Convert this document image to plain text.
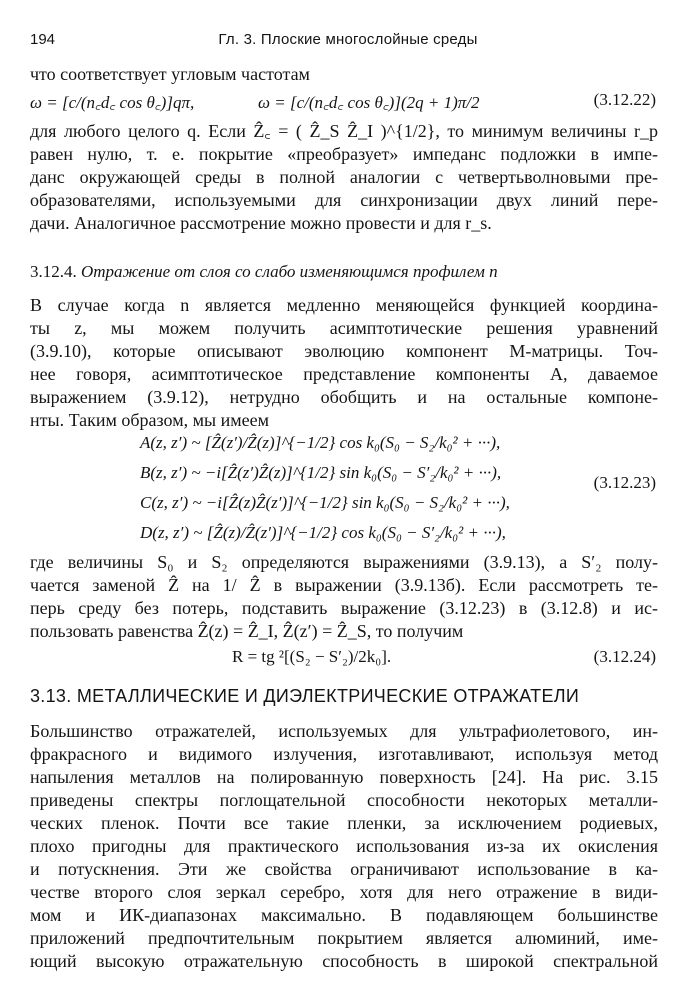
194	Гл. 3. Плоские многослойные среды
что соответствует угловым частотам
ω = [c/(n꜀d꜀ cos θ꜀)]qπ,	ω = [c/(n꜀d꜀ cos θ꜀)](2q + 1)π/2	(3.12.22)
для любого целого q. Если Ẑ꜀ = ( Ẑ_S Ẑ_I )^{1/2}, то минимум величины r_p
равен нулю, т. е. покрытие «преобразует» импеданс подложки в импе-
данс окружающей среды в полной аналогии с четвертьволновыми пре-
образователями, используемыми для синхронизации двух линий пере-
дачи. Аналогичное рассмотрение можно провести и для r_s.
3.12.4. Отражение от слоя со слабо изменяющимся профилем n
В случае когда n является медленно меняющейся функцией координа-
ты z, мы можем получить асимптотические решения уравнений
(3.9.10), которые описывают эволюцию компонент М-матрицы. Точ-
нее говоря, асимптотическое представление компоненты A, даваемое
выражением (3.9.12), нетрудно обобщить и на остальные компоне-
нты. Таким образом, мы имеем
A(z, z′) ~ [Ẑ(z′)/Ẑ(z)]^{−1/2} cos k₀(S₀ − S₂/k₀² + ···),
B(z, z′) ~ −i[Ẑ(z′)Ẑ(z)]^{1/2} sin k₀(S₀ − S′₂/k₀² + ···),
C(z, z′) ~ −i[Ẑ(z)Ẑ(z′)]^{−1/2} sin k₀(S₀ − S₂/k₀² + ···),
D(z, z′) ~ [Ẑ(z)/Ẑ(z′)]^{−1/2} cos k₀(S₀ − S′₂/k₀² + ···),
(3.12.23)
где величины S₀ и S₂ определяются выражениями (3.9.13), а S′₂ полу-
чается заменой Ẑ на 1/ Ẑ в выражении (3.9.13б). Если рассмотреть те-
перь среду без потерь, подставить выражение (3.12.23) в (3.12.8) и ис-
пользовать равенства Ẑ(z) = Ẑ_I, Ẑ(z′) = Ẑ_S, то получим
R = tg ²[(S₂ − S′₂)/2k₀].	(3.12.24)
3.13. МЕТАЛЛИЧЕСКИЕ И ДИЭЛЕКТРИЧЕСКИЕ ОТРАЖАТЕЛИ
Большинство отражателей, используемых для ультрафиолетового, ин-
фракрасного и видимого излучения, изготавливают, используя метод
напыления металлов на полированную поверхность [24]. На рис. 3.15
приведены спектры поглощательной способности некоторых металли-
ческих пленок. Почти все такие пленки, за исключением родиевых,
плохо пригодны для практического использования из-за их окисления
и потускнения. Эти же свойства ограничивают использование в ка-
честве второго слоя зеркал серебро, хотя для него отражение в види-
мом и ИК-диапазонах максимально. В подавляющем большинстве
приложений предпочтительным покрытием является алюминий, име-
ющий высокую отражательную способность в широкой спектральной
